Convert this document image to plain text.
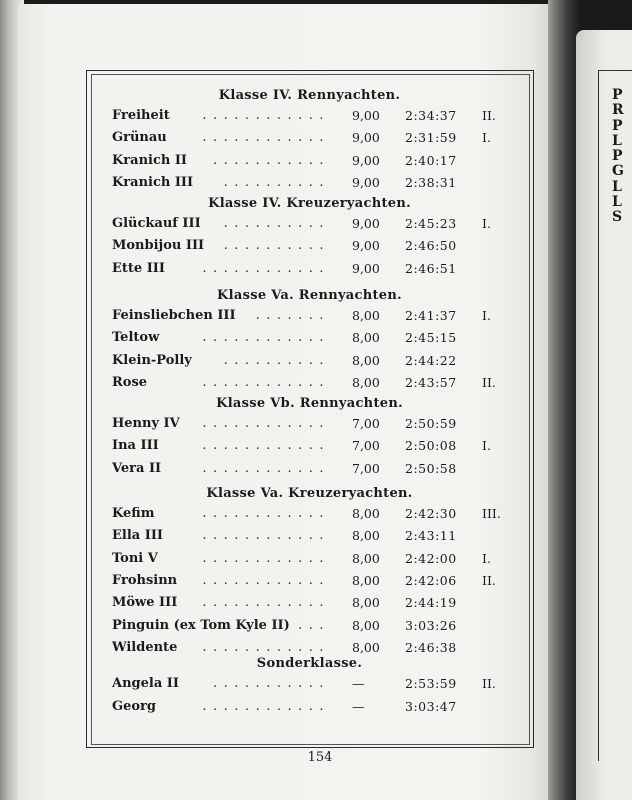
P
R
P
L
P
G
L
L
S
Klasse IV. Rennyachten.
Freiheit	9,00	2:34:37	II.
............
Grünau	9,00	2:31:59	I.
............
Kranich II	9,00	2:40:17
...........
Kranich III	9,00	2:38:31
..........
Klasse IV. Kreuzeryachten.
Glückauf III	9,00	2:45:23	I.
..........
Monbijou III	9,00	2:46:50
..........
Ette III	9,00	2:46:51
............
Klasse Va. Rennyachten.
Feinsliebchen III	8,00	2:41:37	I.
.......
Teltow	8,00	2:45:15
............
Klein-Polly	8,00	2:44:22
..........
Rose	8,00	2:43:57	II.
............
Klasse Vb. Rennyachten.
Henny IV	7,00	2:50:59
............
Ina III	7,00	2:50:08	I.
............
Vera II	7,00	2:50:58
............
Klasse Va. Kreuzeryachten.
Kefim	8,00	2:42:30	III.
............
Ella III	8,00	2:43:11
............
Toni V	8,00	2:42:00	I.
............
Frohsinn	8,00	2:42:06	II.
............
Möwe III	8,00	2:44:19
............
Pinguin (ex Tom Kyle II)	8,00	3:03:26
...
Wildente	8,00	2:46:38
............
Sonderklasse.
Angela II	—	2:53:59	II.
...........
Georg	—	3:03:47
............
154
